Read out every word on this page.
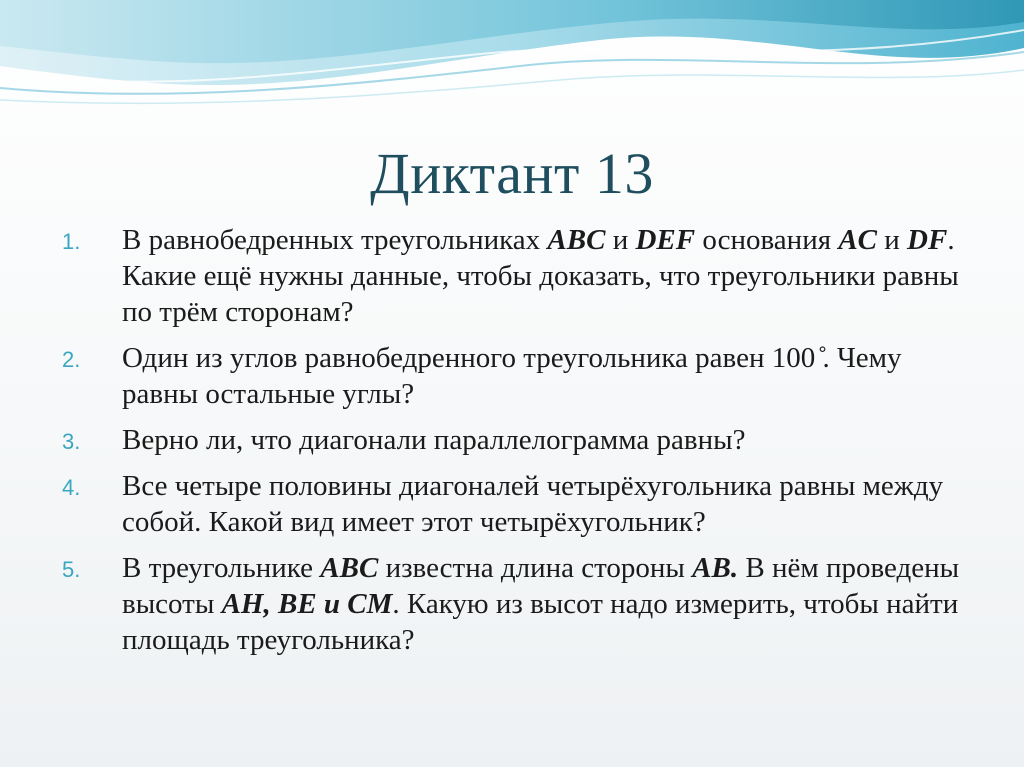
Диктант 13
1. В равнобедренных треугольниках ABC и DEF основания AC и DF. Какие ещё нужны данные, чтобы доказать, что треугольники равны по трём сторонам?
2. Один из углов равнобедренного треугольника равен 100 ̊. Чему равны остальные углы?
3. Верно ли, что диагонали параллелограмма равны?
4. Все четыре половины диагоналей четырёхугольника равны между собой. Какой вид имеет этот четырёхугольник?
5. В треугольнике ABC известна длина стороны AB. В нём проведены высоты AH, BE и CM. Какую из высот надо измерить, чтобы найти площадь треугольника?
